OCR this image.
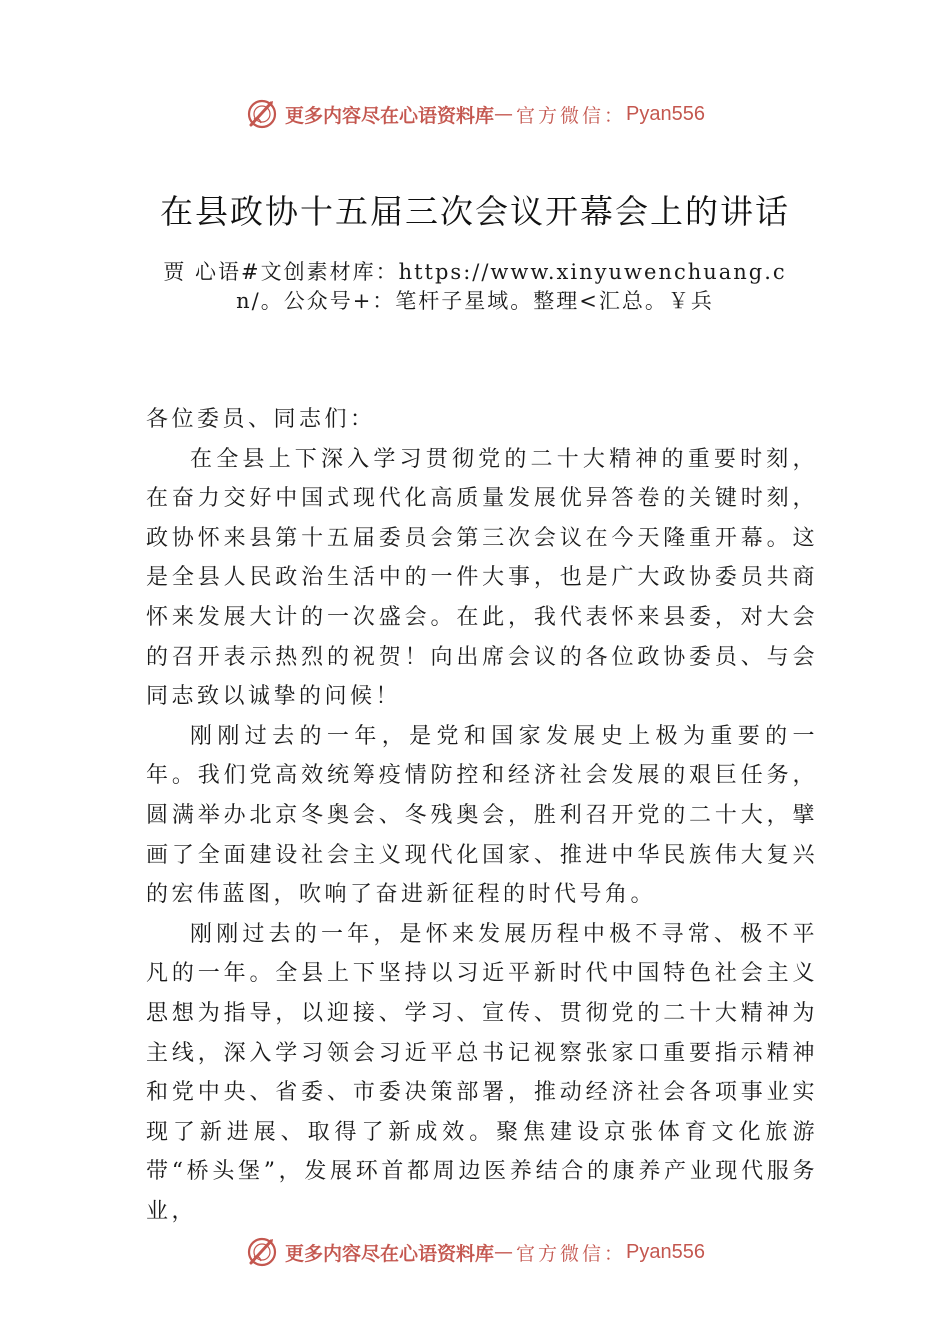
更多内容尽在心语资料库 — 官方微信： Pyan556
在县政协十五届三次会议开幕会上的讲话
贾 心语#文创素材库：https://www.xinyuwenchuang.cn/。公众号+：笔杆子星域。整理<汇总。￥兵

各位委员、同志们：

在全县上下深入学习贯彻党的二十大精神的重要时刻，在奋力交好中国式现代化高质量发展优异答卷的关键时刻， 政协怀来县第十五届委员会第三次会议在今天隆重开幕。这是全县人民政治生活中的一件大事，也是广大政协委员共商怀来发展大计的一次盛会。在此，我代表怀来县委，对大会的召开表示热烈的祝贺！向出席会议的各位政协委员、与会同志致以诚挚的问候！

刚刚过去的一年，是党和国家发展史上极为重要的一年。我们党高效统筹疫情防控和经济社会发展的艰巨任务，圆满举办北京冬奥会、冬残奥会，胜利召开党的二十大，擘画了全面建设社会主义现代化国家、推进中华民族伟大复兴的宏伟蓝图，吹响了奋进新征程的时代号角。

刚刚过去的一年，是怀来发展历程中极不寻常、极不平凡的一年。全县上下坚持以习近平新时代中国特色社会主义思想为指导，以迎接、学习、宣传、贯彻党的二十大精神为主线，深入学习领会习近平总书记视察张家口重要指示精神和党中央、省委、市委决策部署，推动经济社会各项事业实现了新进展、取得了新成效。聚焦建设京张体育文化旅游带“桥头堡”，发展环首都周边医养结合的康养产业现代服务业，

更多内容尽在心语资料库 — 官方微信： Pyan556
